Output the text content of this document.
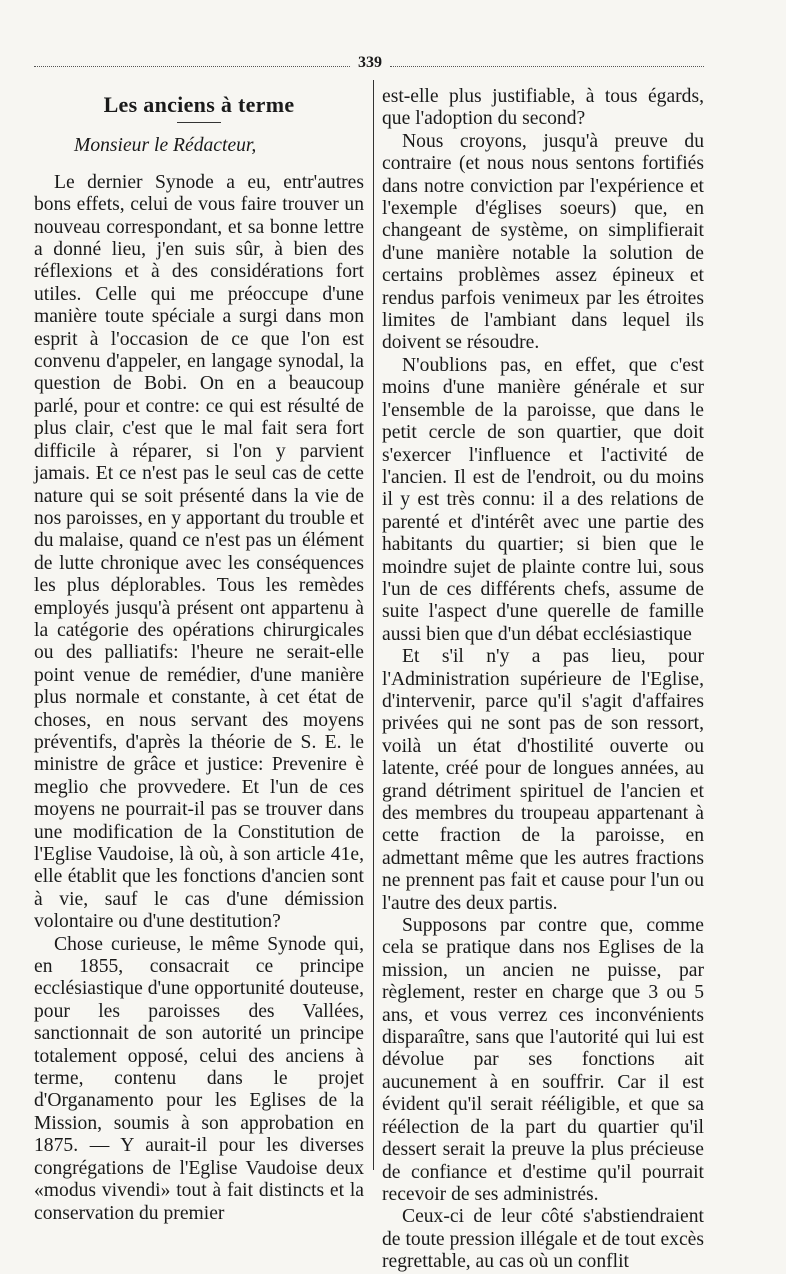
339
Les anciens à terme

Monsieur le Rédacteur,

Le dernier Synode a eu, entr'autres bons effets, celui de vous faire trouver un nouveau correspondant, et sa bonne lettre a donné lieu, j'en suis sûr, à bien des réflexions et à des considérations fort utiles. Celle qui me préoccupe d'une manière toute spéciale a surgi dans mon esprit à l'occasion de ce que l'on est convenu d'appeler, en langage synodal, la question de Bobi. On en a beaucoup parlé, pour et contre: ce qui est résulté de plus clair, c'est que le mal fait sera fort difficile à réparer, si l'on y parvient jamais. Et ce n'est pas le seul cas de cette nature qui se soit présenté dans la vie de nos paroisses, en y apportant du trouble et du malaise, quand ce n'est pas un élément de lutte chronique avec les conséquences les plus déplorables. Tous les remèdes employés jusqu'à présent ont appartenu à la catégorie des opérations chirurgicales ou des palliatifs: l'heure ne serait-elle point venue de remédier, d'une manière plus normale et constante, à cet état de choses, en nous servant des moyens préventifs, d'après la théorie de S. E. le ministre de grâce et justice: Prevenire è meglio che provvedere. Et l'un de ces moyens ne pourrait-il pas se trouver dans une modification de la Constitution de l'Eglise Vaudoise, là où, à son article 41e, elle établit que les fonctions d'ancien sont à vie, sauf le cas d'une démission volontaire ou d'une destitution?

Chose curieuse, le même Synode qui, en 1855, consacrait ce principe ecclésiastique d'une opportunité douteuse, pour les paroisses des Vallées, sanctionnait de son autorité un principe totalement opposé, celui des anciens à terme, contenu dans le projet d'Organamento pour les Eglises de la Mission, soumis à son approbation en 1875. — Y aurait-il pour les diverses congrégations de l'Eglise Vaudoise deux «modus vivendi» tout à fait distincts et la conservation du premier

est-elle plus justifiable, à tous égards, que l'adoption du second?

Nous croyons, jusqu'à preuve du contraire (et nous nous sentons fortifiés dans notre conviction par l'expérience et l'exemple d'églises soeurs) que, en changeant de système, on simplifierait d'une manière notable la solution de certains problèmes assez épineux et rendus parfois venimeux par les étroites limites de l'ambiant dans lequel ils doivent se résoudre.

N'oublions pas, en effet, que c'est moins d'une manière générale et sur l'ensemble de la paroisse, que dans le petit cercle de son quartier, que doit s'exercer l'influence et l'activité de l'ancien. Il est de l'endroit, ou du moins il y est très connu: il a des relations de parenté et d'intérêt avec une partie des habitants du quartier; si bien que le moindre sujet de plainte contre lui, sous l'un de ces différents chefs, assume de suite l'aspect d'une querelle de famille aussi bien que d'un débat ecclésiastique

Et s'il n'y a pas lieu, pour l'Administration supérieure de l'Eglise, d'intervenir, parce qu'il s'agit d'affaires privées qui ne sont pas de son ressort, voilà un état d'hostilité ouverte ou latente, créé pour de longues années, au grand détriment spirituel de l'ancien et des membres du troupeau appartenant à cette fraction de la paroisse, en admettant même que les autres fractions ne prennent pas fait et cause pour l'un ou l'autre des deux partis.

Supposons par contre que, comme cela se pratique dans nos Eglises de la mission, un ancien ne puisse, par règlement, rester en charge que 3 ou 5 ans, et vous verrez ces inconvénients disparaître, sans que l'autorité qui lui est dévolue par ses fonctions ait aucunement à en souffrir. Car il est évident qu'il serait rééligible, et que sa réélection de la part du quartier qu'il dessert serait la preuve la plus précieuse de confiance et d'estime qu'il pourrait recevoir de ses administrés.

Ceux-ci de leur côté s'abstiendraient de toute pression illégale et de tout excès regrettable, au cas où un conflit
